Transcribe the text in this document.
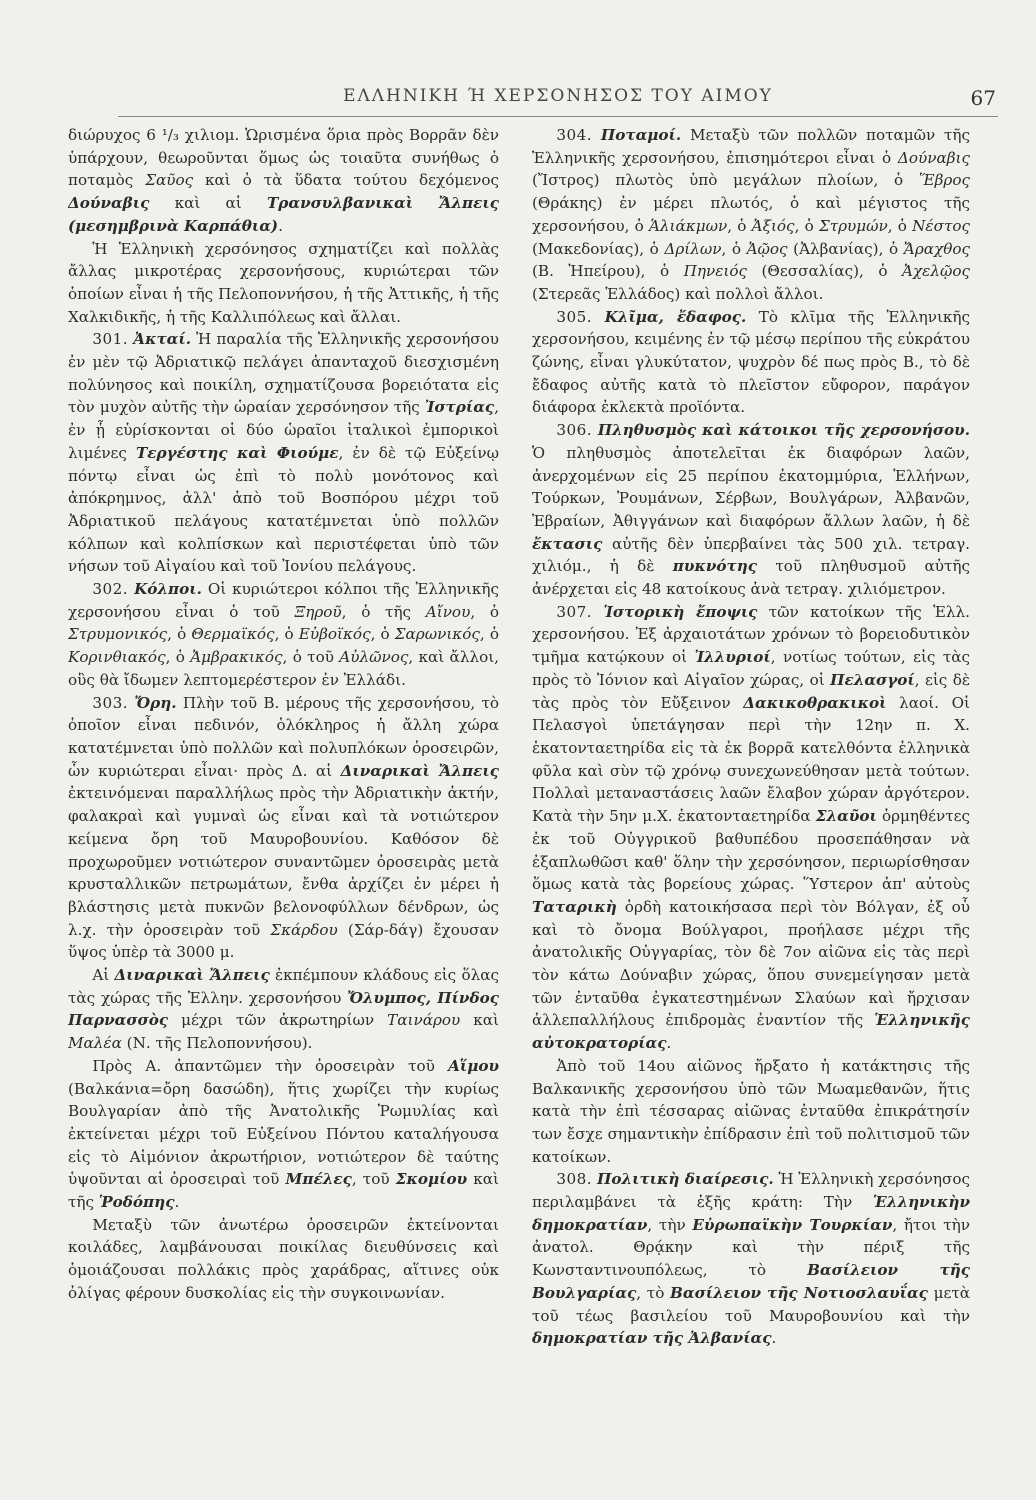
ΕΛΛΗΝΙΚΗ Ή ΧΕΡΣΟΝΗΣΟΣ ΤΟΥ ΑΙΜΟΥ	67

διώρυχος 6 ¹/₃ χιλιομ. Ὡρισμένα ὅρια πρὸς Βορρᾶν δὲν ὑπάρχουν, θεωροῦνται ὅμως ὡς τοιαῦτα συνήθως ὁ ποταμὸς Σαῦος καὶ ὁ τὰ ὕδατα τούτου δεχόμενος Δούναβις καὶ αἱ Τρανσυλβανικαὶ Ἄλπεις (μεσημβρινὰ Καρπάθια).

Ἡ Ἑλληνικὴ χερσόνησος σχηματίζει καὶ πολλὰς ἄλλας μικροτέρας χερσονήσους, κυριώτεραι τῶν ὁποίων εἶναι ἡ τῆς Πελοποννήσου, ἡ τῆς Ἀττικῆς, ἡ τῆς Χαλκιδικῆς, ἡ τῆς Καλλιπόλεως καὶ ἄλλαι.

301. Ἀκταί. Ἡ παραλία τῆς Ἑλληνικῆς χερσονήσου ἐν μὲν τῷ Ἀδριατικῷ πελάγει ἁπανταχοῦ διεσχισμένη πολύνησος καὶ ποικίλη, σχηματίζουσα βορειότατα εἰς τὸν μυχὸν αὐτῆς τὴν ὡραίαν χερσόνησον τῆς Ἰστρίας, ἐν ᾗ εὑρίσκονται οἱ δύο ὡραῖοι ἰταλικοὶ ἐμπορικοὶ λιμένες Τεργέστης καὶ Φιούμε, ἐν δὲ τῷ Εὐξείνῳ πόντῳ εἶναι ὡς ἐπὶ τὸ πολὺ μονότονος καὶ ἀπόκρημνος, ἀλλ' ἀπὸ τοῦ Βοσπόρου μέχρι τοῦ Ἀδριατικοῦ πελάγους κατατέμνεται ὑπὸ πολλῶν κόλπων καὶ κολπίσκων καὶ περιστέφεται ὑπὸ τῶν νήσων τοῦ Αἰγαίου καὶ τοῦ Ἰονίου πελάγους.

302. Κόλποι. Οἱ κυριώτεροι κόλποι τῆς Ἑλληνικῆς χερσονήσου εἶναι ὁ τοῦ Ξηροῦ, ὁ τῆς Αἴνου, ὁ Στρυμονικός, ὁ Θερμαϊκός, ὁ Εὐβοϊκός, ὁ Σαρωνικός, ὁ Κορινθιακός, ὁ Ἀμβρακικός, ὁ τοῦ Αὐλῶνος, καὶ ἄλλοι, οὓς θὰ ἴδωμεν λεπτομερέστερον ἐν Ἑλλάδι.

303. Ὄρη. Πλὴν τοῦ Β. μέρους τῆς χερσονήσου, τὸ ὁποῖον εἶναι πεδινόν, ὁλόκληρος ἡ ἄλλη χώρα κατατέμνεται ὑπὸ πολλῶν καὶ πολυπλόκων ὀροσειρῶν, ὧν κυριώτεραι εἶναι· πρὸς Δ. αἱ Διναρικαὶ Ἄλπεις ἐκτεινόμεναι παραλλήλως πρὸς τὴν Ἀδριατικὴν ἀκτήν, φαλακραὶ καὶ γυμναὶ ὡς εἶναι καὶ τὰ νοτιώτερον κείμενα ὄρη τοῦ Μαυροβουνίου. Καθόσον δὲ προχωροῦμεν νοτιώτερον συναντῶμεν ὀροσειρὰς μετὰ κρυσταλλικῶν πετρωμάτων, ἔνθα ἀρχίζει ἐν μέρει ἡ βλάστησις μετὰ πυκνῶν βελονοφύλλων δένδρων, ὡς λ.χ. τὴν ὀροσειρὰν τοῦ Σκάρδου (Σάρ-δάγ) ἔχουσαν ὕψος ὑπὲρ τὰ 3000 μ.

Αἱ Διναρικαὶ Ἄλπεις ἐκπέμπουν κλάδους εἰς ὅλας τὰς χώρας τῆς Ἑλλην. χερσονήσου Ὄλυμπος, Πίνδος Παρνασσὸς μέχρι τῶν ἀκρωτηρίων Ταινάρου καὶ Μαλέα (Ν. τῆς Πελοποννήσου).

Πρὸς Α. ἀπαντῶμεν τὴν ὀροσειρὰν τοῦ Αἵμου (Βαλκάνια=ὄρη δασώδη), ἥτις χωρίζει τὴν κυρίως Βουλγαρίαν ἀπὸ τῆς Ἀνατολικῆς Ῥωμυλίας καὶ ἐκτείνεται μέχρι τοῦ Εὐξείνου Πόντου καταλήγουσα εἰς τὸ Αἱμόνιον ἀκρωτήριον, νοτιώτερον δὲ ταύτης ὑψοῦνται αἱ ὀροσειραὶ τοῦ Μπέλες, τοῦ Σκομίου καὶ τῆς Ῥοδόπης.

Μεταξὺ τῶν ἀνωτέρω ὀροσειρῶν ἐκτείνονται κοιλάδες, λαμβάνουσαι ποικίλας διευθύνσεις καὶ ὁμοιάζουσαι πολλάκις πρὸς χαράδρας, αἵτινες οὐκ ὀλίγας φέρουν δυσκολίας εἰς τὴν συγκοινωνίαν.

304. Ποταμοί. Μεταξὺ τῶν πολλῶν ποταμῶν τῆς Ἑλληνικῆς χερσονήσου, ἐπισημότεροι εἶναι ὁ Δούναβις (Ἴστρος) πλωτὸς ὑπὸ μεγάλων πλοίων, ὁ Ἕβρος (Θράκης) ἐν μέρει πλωτός, ὁ καὶ μέγιστος τῆς χερσονήσου, ὁ Ἁλιάκμων, ὁ Ἀξιός, ὁ Στρυμών, ὁ Νέστος (Μακεδονίας), ὁ Δρίλων, ὁ Ἀῷος (Ἀλβανίας), ὁ Ἄραχθος (Β. Ἠπείρου), ὁ Πηνειός (Θεσσαλίας), ὁ Ἀχελῷος (Στερεᾶς Ἑλλάδος) καὶ πολλοὶ ἄλλοι.

305. Κλῖμα, ἔδαφος. Τὸ κλῖμα τῆς Ἑλληνικῆς χερσονήσου, κειμένης ἐν τῷ μέσῳ περίπου τῆς εὐκράτου ζώνης, εἶναι γλυκύτατον, ψυχρὸν δέ πως πρὸς Β., τὸ δὲ ἔδαφος αὐτῆς κατὰ τὸ πλεῖστον εὔφορον, παράγον διάφορα ἐκλεκτὰ προϊόντα.

306. Πληθυσμὸς καὶ κάτοικοι τῆς χερσονήσου. Ὁ πληθυσμὸς ἀποτελεῖται ἐκ διαφόρων λαῶν, ἀνερχομένων εἰς 25 περίπου ἑκατομμύρια, Ἑλλήνων, Τούρκων, Ῥουμάνων, Σέρβων, Βουλγάρων, Ἀλβανῶν, Ἑβραίων, Ἀθιγγάνων καὶ διαφόρων ἄλλων λαῶν, ἡ δὲ ἔκτασις αὐτῆς δὲν ὑπερβαίνει τὰς 500 χιλ. τετραγ. χιλιόμ., ἡ δὲ πυκνότης τοῦ πληθυσμοῦ αὐτῆς ἀνέρχεται εἰς 48 κατοίκους ἀνὰ τετραγ. χιλιόμετρον.

307. Ἱστορικὴ ἔποψις τῶν κατοίκων τῆς Ἑλλ. χερσονήσου. Ἐξ ἀρχαιοτάτων χρόνων τὸ βορειοδυτικὸν τμῆμα κατῴκουν οἱ Ἰλλυριοί, νοτίως τούτων, εἰς τὰς πρὸς τὸ Ἰόνιον καὶ Αἰγαῖον χώρας, οἱ Πελασγοί, εἰς δὲ τὰς πρὸς τὸν Εὔξεινον Δακικοθρακικοὶ λαοί. Οἱ Πελασγοὶ ὑπετάγησαν περὶ τὴν 12ην π. Χ. ἑκατονταετηρίδα εἰς τὰ ἐκ βορρᾶ κατελθόντα ἑλληνικὰ φῦλα καὶ σὺν τῷ χρόνῳ συνεχωνεύθησαν μετὰ τούτων. Πολλαὶ μεταναστάσεις λαῶν ἔλαβον χώραν ἀργότερον. Κατὰ τὴν 5ην μ.Χ. ἑκατονταετηρίδα Σλαῦοι ὁρμηθέντες ἐκ τοῦ Οὐγγρικοῦ βαθυπέδου προσεπάθησαν νὰ ἐξαπλωθῶσι καθ' ὅλην τὴν χερσόνησον, περιωρίσθησαν ὅμως κατὰ τὰς βορείους χώρας. Ὕστερον ἀπ' αὐτοὺς Ταταρικὴ ὁρδὴ κατοικήσασα περὶ τὸν Βόλγαν, ἐξ οὗ καὶ τὸ ὄνομα Βούλγαροι, προήλασε μέχρι τῆς ἀνατολικῆς Οὐγγαρίας, τὸν δὲ 7ον αἰῶνα εἰς τὰς περὶ τὸν κάτω Δούναβιν χώρας, ὅπου συνεμείγησαν μετὰ τῶν ἐνταῦθα ἐγκατεστημένων Σλαύων καὶ ἤρχισαν ἀλλεπαλλήλους ἐπιδρομὰς ἐναντίον τῆς Ἑλληνικῆς αὐτοκρατορίας.

Ἀπὸ τοῦ 14ου αἰῶνος ἤρξατο ἡ κατάκτησις τῆς Βαλκανικῆς χερσονήσου ὑπὸ τῶν Μωαμεθανῶν, ἥτις κατὰ τὴν ἐπὶ τέσσαρας αἰῶνας ἐνταῦθα ἐπικράτησίν των ἔσχε σημαντικὴν ἐπίδρασιν ἐπὶ τοῦ πολιτισμοῦ τῶν κατοίκων.

308. Πολιτικὴ διαίρεσις. Ἡ Ἑλληνικὴ χερσόνησος περιλαμβάνει τὰ ἑξῆς κράτη: Τὴν Ἑλληνικὴν δημοκρατίαν, τὴν Εὐρωπαϊκὴν Τουρκίαν, ἤτοι τὴν ἀνατολ. Θρᾴκην καὶ τὴν πέριξ τῆς Κωνσταντινουπόλεως, τὸ Βασίλειον τῆς Βουλγαρίας, τὸ Βασίλειον τῆς Νοτιοσλαυΐας μετὰ τοῦ τέως βασιλείου τοῦ Μαυροβουνίου καὶ τὴν δημοκρατίαν τῆς Ἀλβανίας.
